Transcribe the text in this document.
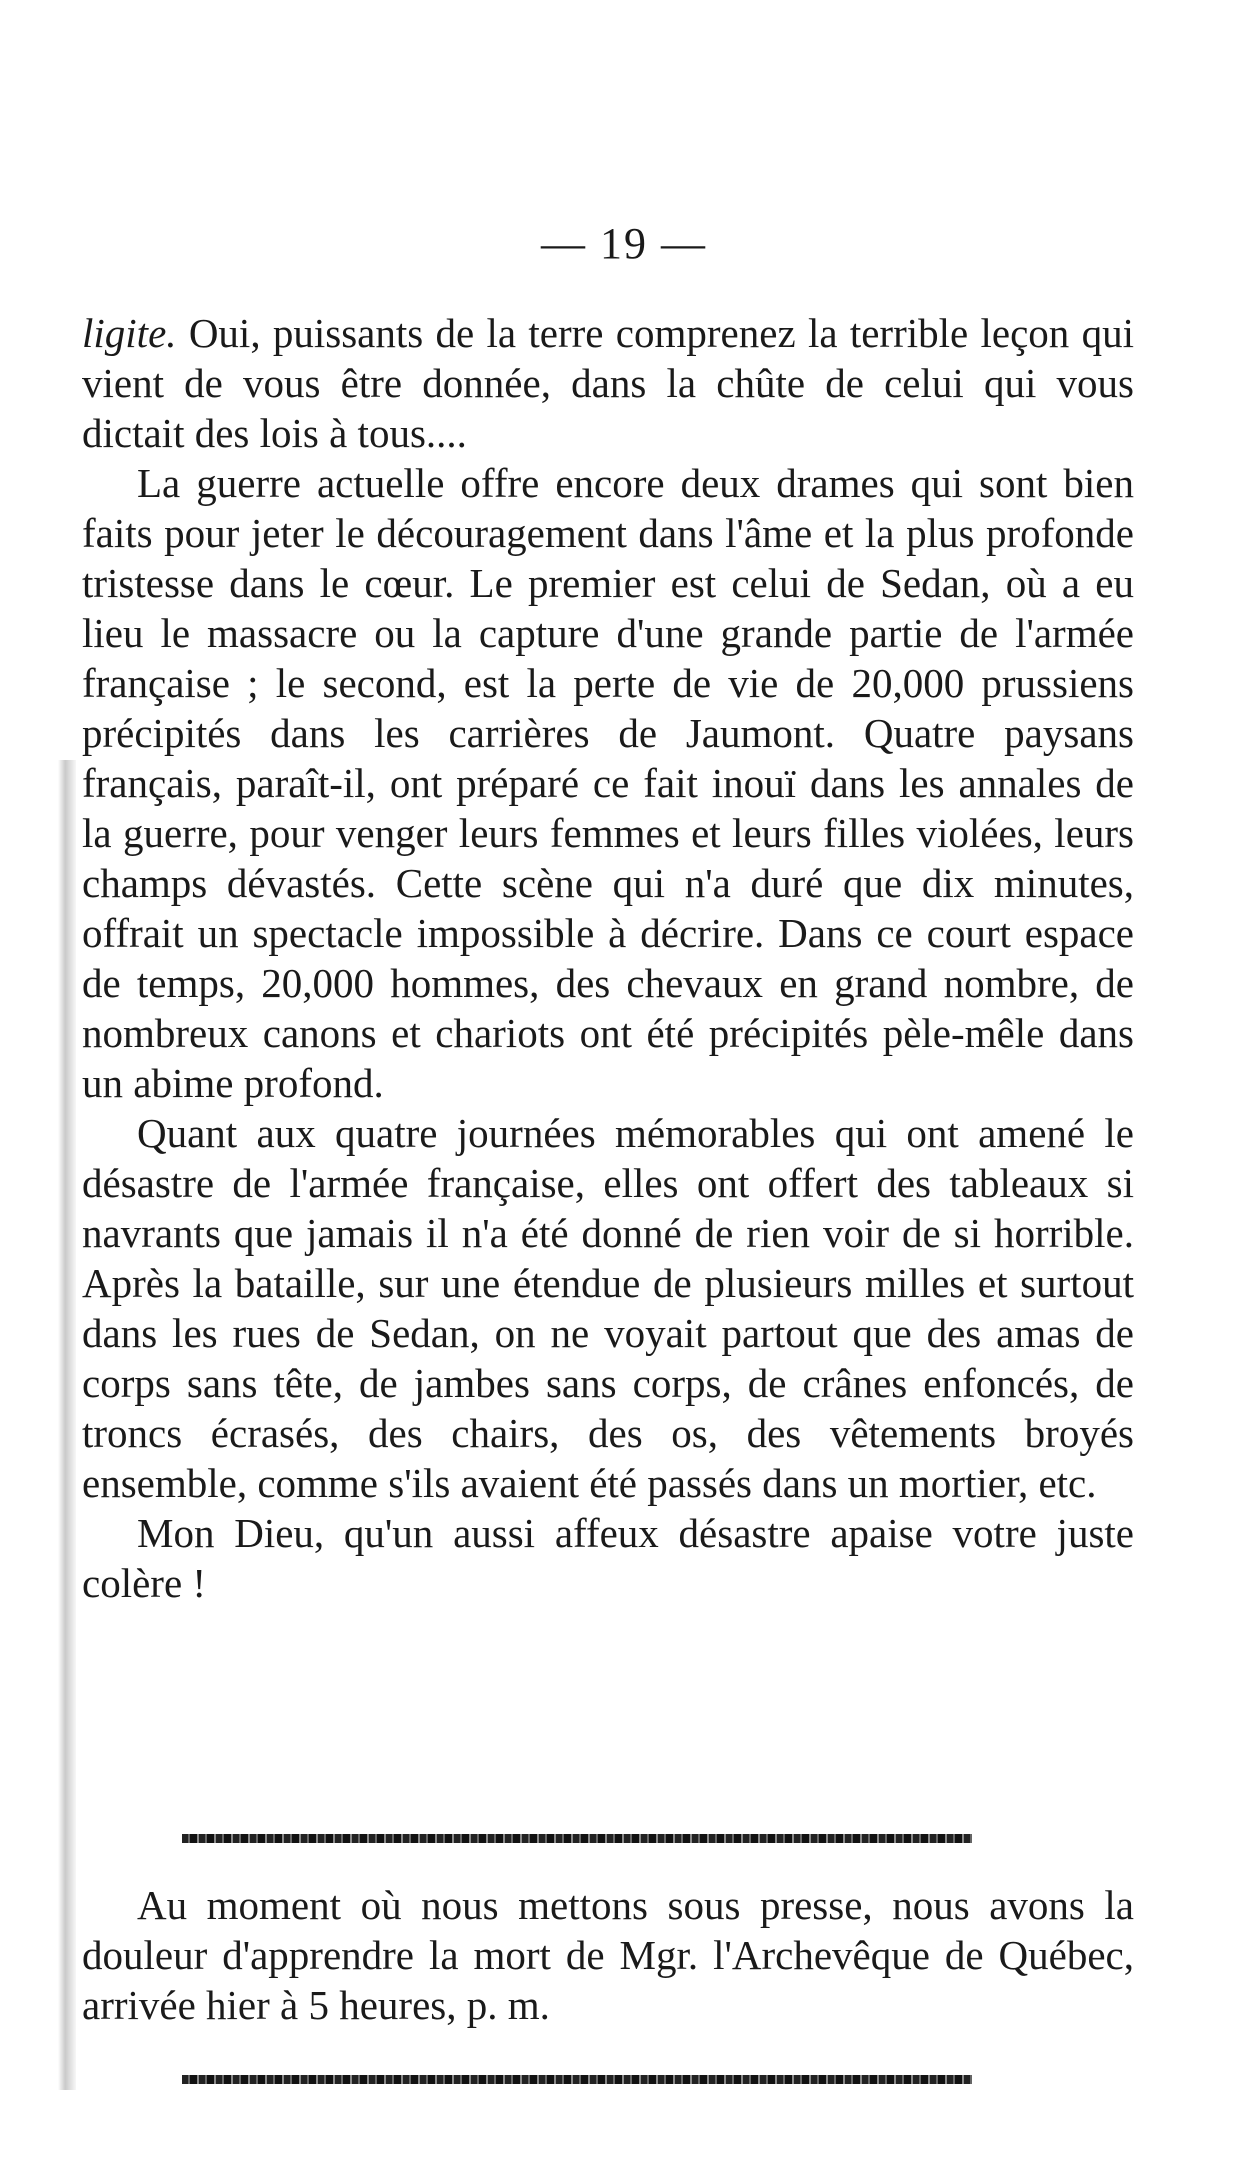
— 19 —

ligite. Oui, puissants de la terre comprenez la terrible leçon qui vient de vous être donnée, dans la chûte de celui qui vous dictait des lois à tous....

La guerre actuelle offre encore deux drames qui sont bien faits pour jeter le découragement dans l'âme et la plus profonde tristesse dans le cœur. Le premier est celui de Sedan, où a eu lieu le massacre ou la capture d'une grande partie de l'armée française ; le second, est la perte de vie de 20,000 prussiens précipités dans les carrières de Jaumont. Quatre paysans français, paraît-il, ont préparé ce fait inouï dans les annales de la guerre, pour venger leurs femmes et leurs filles violées, leurs champs dévastés. Cette scène qui n'a duré que dix minutes, offrait un spectacle impossible à décrire. Dans ce court espace de temps, 20,000 hommes, des chevaux en grand nombre, de nombreux canons et chariots ont été précipités pèle-mêle dans un abime profond.

Quant aux quatre journées mémorables qui ont amené le désastre de l'armée française, elles ont offert des tableaux si navrants que jamais il n'a été donné de rien voir de si horrible. Après la bataille, sur une étendue de plusieurs milles et surtout dans les rues de Sedan, on ne voyait partout que des amas de corps sans tête, de jambes sans corps, de crânes enfoncés, de troncs écrasés, des chairs, des os, des vêtements broyés ensemble, comme s'ils avaient été passés dans un mortier, etc.

Mon Dieu, qu'un aussi affeux désastre apaise votre juste colère !

Au moment où nous mettons sous presse, nous avons la douleur d'apprendre la mort de Mgr. l'Archevêque de Québec, arrivée hier à 5 heures, p. m.
